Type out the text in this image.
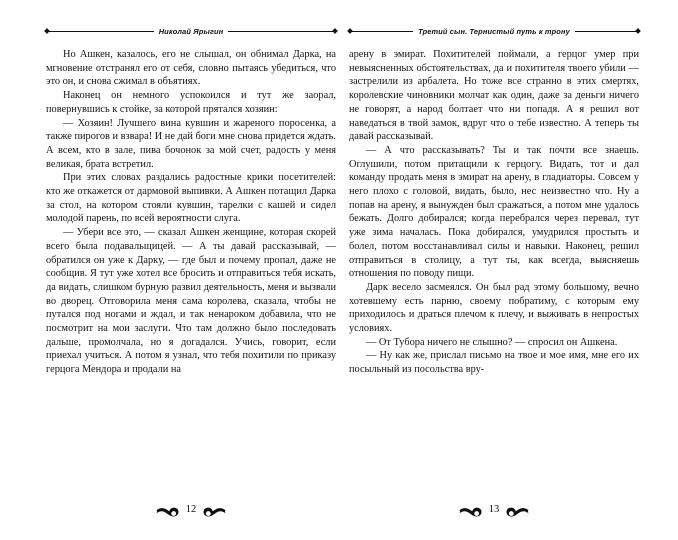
Николай Ярыгин

Но Ашкен, казалось, его не слышал, он обнимал Дарка, на мгновение отстранял его от себя, словно пытаясь убедиться, что это он, и снова сжимал в объятиях.

Наконец он немного успокоился и тут же заорал, повернувшись к стойке, за которой прятался хозяин:

— Хозяин! Лучшего вина кувшин и жареного поросенка, а также пирогов и взвара! И не дай боги мне снова придется ждать. А всем, кто в зале, пива бочонок за мой счет, радость у меня великая, брата встретил.

При этих словах раздались радостные крики посетителей: кто же откажется от дармовой выпивки. А Ашкен потащил Дарка за стол, на котором стояли кувшин, тарелки с кашей и сидел молодой парень, по всей вероятности слуга.

— Убери все это, — сказал Ашкен женщине, которая скорей всего была подавальщицей. — А ты давай рассказывай, — обратился он уже к Дарку, — где был и почему пропал, даже не сообщив. Я тут уже хотел все бросить и отправиться тебя искать, да видать, слишком бурную развил деятельность, меня и вызвали во дворец. Отговорила меня сама королева, сказала, чтобы не путался под ногами и ждал, и так ненароком добавила, что не посмотрит на мои заслуги. Что там должно было последовать дальше, промолчала, но я догадался. Учись, говорит, если приехал учиться. А потом я узнал, что тебя похитили по приказу герцога Мендора и продали на

12
Третий сын. Тернистый путь к трону

арену в эмират. Похитителей поймали, а герцог умер при невыясненных обстоятельствах, да и похитителя твоего убили — застрелили из арбалета. Но тоже все странно в этих смертях, королевские чиновники молчат как один, даже за деньги ничего не говорят, а народ болтает что ни попадя. А я решил вот наведаться в твой замок, вдруг что о тебе известно. А теперь ты давай рассказывай.

— А что рассказывать? Ты и так почти все знаешь. Оглушили, потом притащили к герцогу. Видать, тот и дал команду продать меня в эмират на арену, в гладиаторы. Совсем у него плохо с головой, видать, было, нес неизвестно что. Ну а попав на арену, я вынужден был сражаться, а потом мне удалось бежать. Долго добирался; когда перебрался через перевал, тут уже зима началась. Пока добирался, умудрился простыть и болел, потом восстанавливал силы и навыки. Наконец, решил отправиться в столицу, а тут ты, как всегда, выясняешь отношения по поводу пищи.

Дарк весело засмеялся. Он был рад этому большому, вечно хотевшему есть парню, своему побратиму, с которым ему приходилось и драться плечом к плечу, и выживать в непростых условиях.

— От Тубора ничего не слышно? — спросил он Ашкена.

— Ну как же, прислал письмо на твое и мое имя, мне его их посыльный из посольства вру-

13
